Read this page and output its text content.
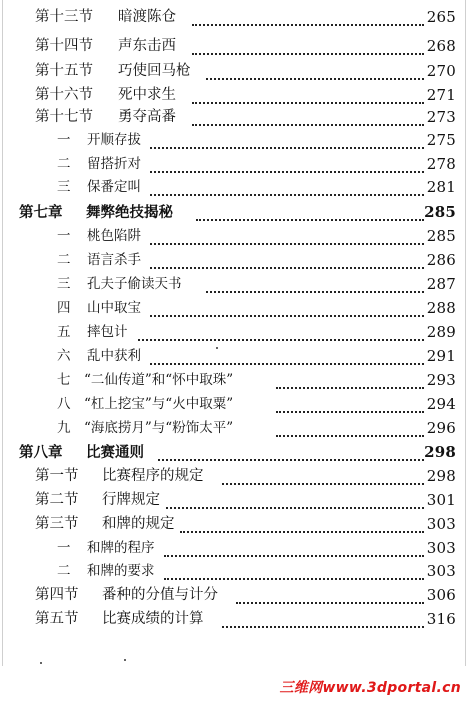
第十三节 暗渡陈仓	265
第十四节 声东击西	268
第十五节 巧使回马枪	270
第十六节 死中求生	271
第十七节 勇夺高番	273
一 开顺存拔	275
二 留搭折对	278
三 保番定叫	281
第七章 舞弊绝技揭秘	285
一 桃色陷阱	285
二 语言杀手	286
三 孔夫子偷读天书	287
四 山中取宝	288
五 摔包计	289
六 乱中获利	291
七 “二仙传道”和“怀中取珠”	293
八 “杠上挖宝”与“火中取粟”	294
九 “海底捞月”与“粉饰太平”	296
第八章 比赛通则	298
第一节 比赛程序的规定	298
第二节 行牌规定	301
第三节 和牌的规定	303
一 和牌的程序	303
二 和牌的要求	303
第四节 番种的分值与计分	306
第五节 比赛成绩的计算	316
三维网www.3dportal.cn
